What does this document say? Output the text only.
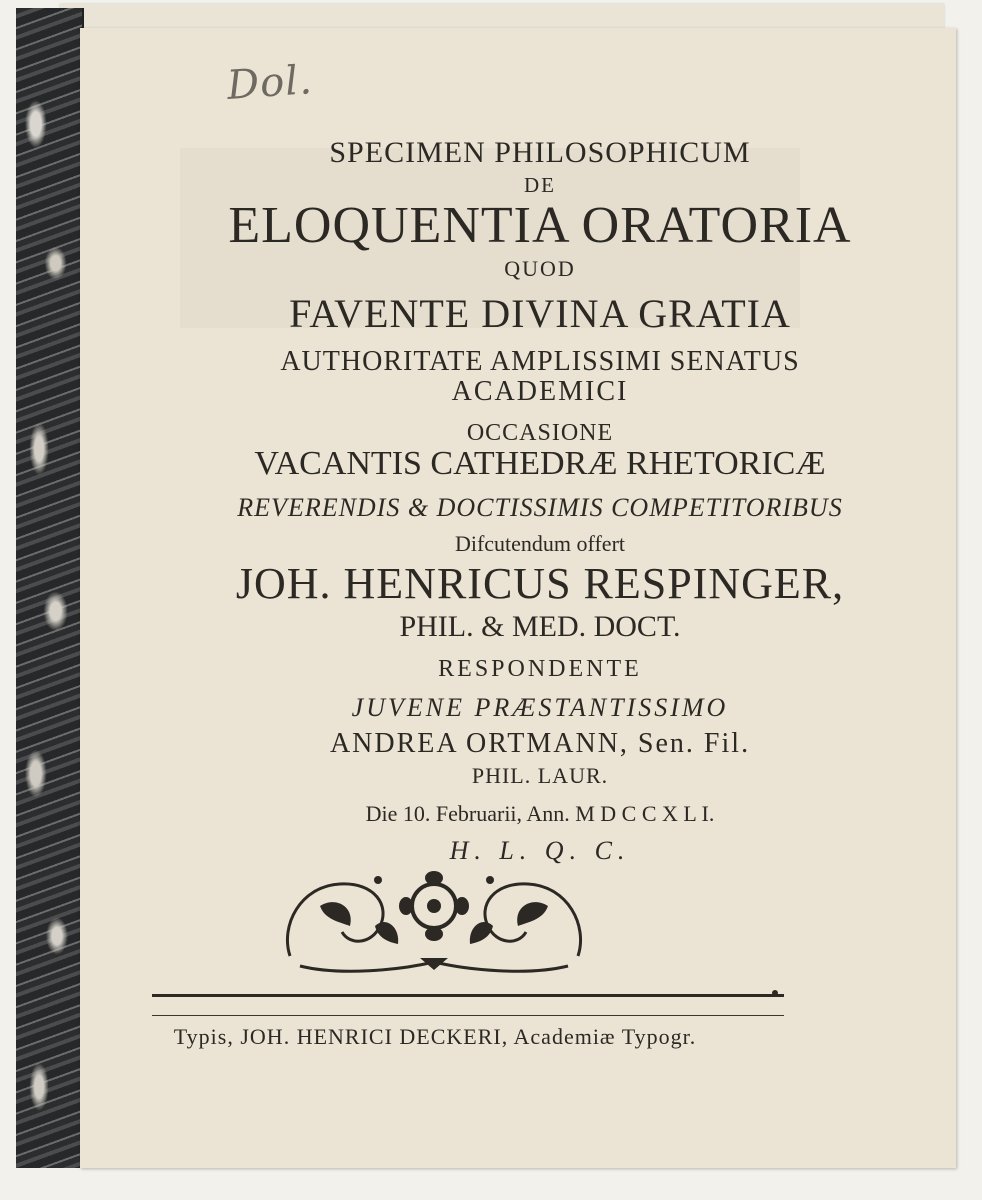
Dol.
SPECIMEN PHILOSOPHICUM
DE
ELOQUENTIA ORATORIA
QUOD
FAVENTE DIVINA GRATIA
AUTHORITATE AMPLISSIMI SENATUS
ACADEMICI
OCCASIONE
VACANTIS CATHEDRÆ RHETORICÆ
REVERENDIS & DOCTISSIMIS COMPETITORIBUS
Difcutendum offert
JOH. HENRICUS RESPINGER,
PHIL. & MED. DOCT.
RESPONDENTE
JUVENE PRÆSTANTISSIMO
ANDREA ORTMANN, Sen. Fil.
PHIL. LAUR.
Die 10. Februarii, Ann. M D C C X L I.
H. L. Q. C.
Typis, JOH. HENRICI DECKERI, Academiæ Typogr.
